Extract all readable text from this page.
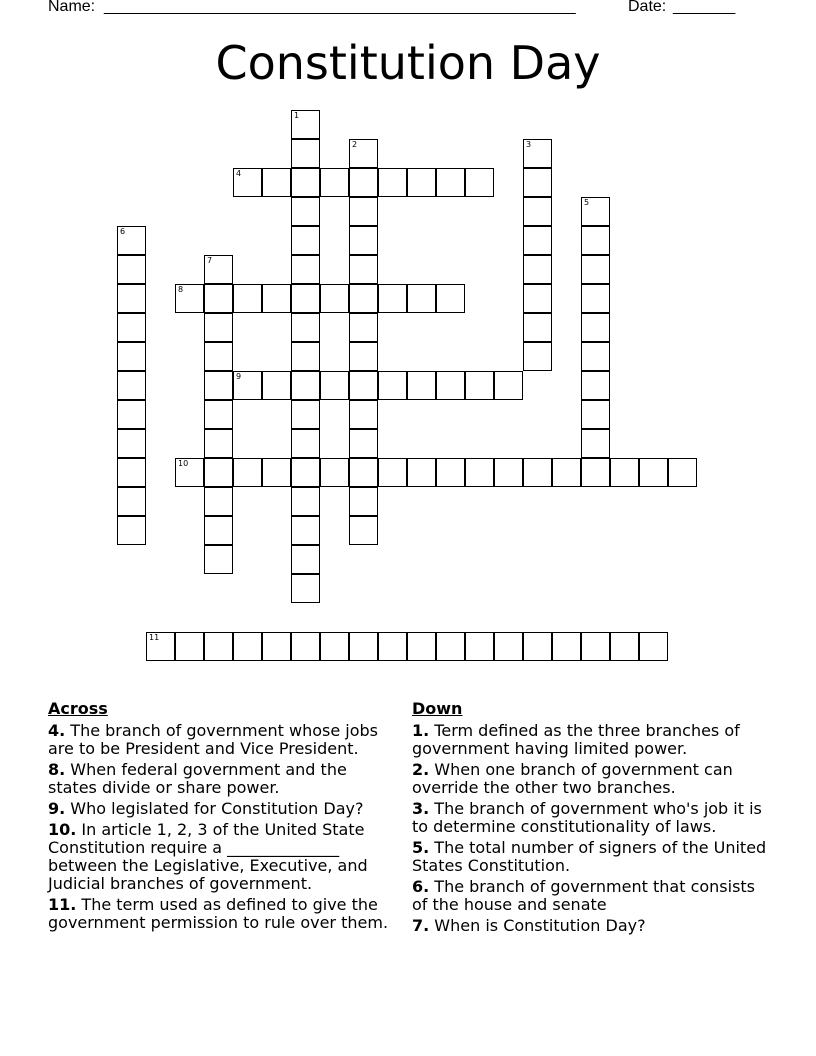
Name: _____________________________________________________	Date: _______
Constitution Day
1
2	3
4
5
6
7
8
9
10
11
Across
4. The branch of government whose jobs are to be President and Vice President.
8. When federal government and the states divide or share power.
9. Who legislated for Constitution Day?
10. In article 1, 2, 3 of the United State Constitution require a ______________ between the Legislative, Executive, and Judicial branches of government.
11. The term used as defined to give the government permission to rule over them.
Down
1. Term defined as the three branches of government having limited power.
2. When one branch of government can override the other two branches.
3. The branch of government who's job it is to determine constitutionality of laws.
5. The total number of signers of the United States Constitution.
6. The branch of government that consists of the house and senate
7. When is Constitution Day?
